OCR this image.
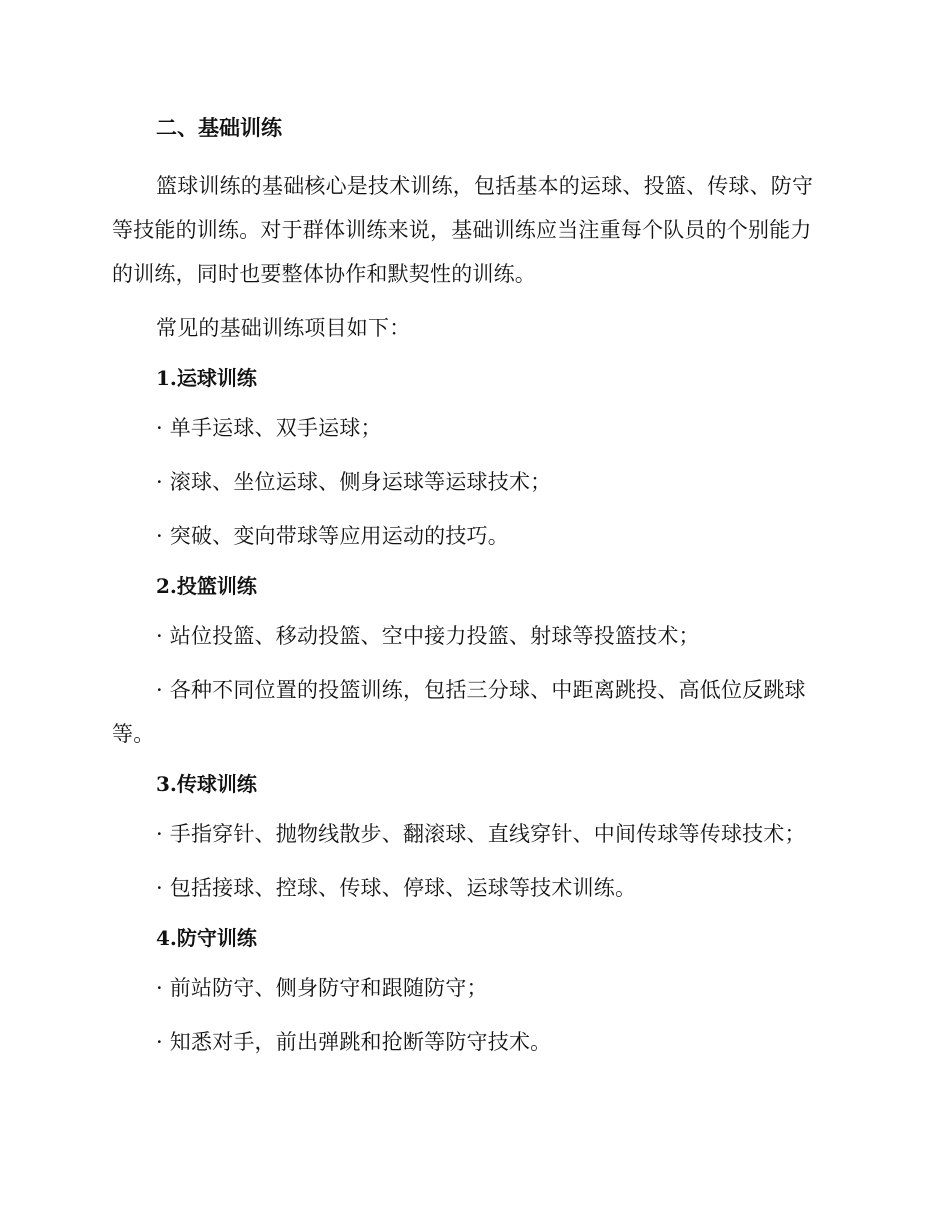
二、基础训练

篮球训练的基础核心是技术训练，包括基本的运球、投篮、传球、防守等技能的训练。对于群体训练来说，基础训练应当注重每个队员的个别能力的训练，同时也要整体协作和默契性的训练。

常见的基础训练项目如下：

1.运球训练

· 单手运球、双手运球；

· 滚球、坐位运球、侧身运球等运球技术；

· 突破、变向带球等应用运动的技巧。

2.投篮训练

· 站位投篮、移动投篮、空中接力投篮、射球等投篮技术；

· 各种不同位置的投篮训练，包括三分球、中距离跳投、高低位反跳球等。

3.传球训练

· 手指穿针、抛物线散步、翻滚球、直线穿针、中间传球等传球技术；

· 包括接球、控球、传球、停球、运球等技术训练。

4.防守训练

· 前站防守、侧身防守和跟随防守；

· 知悉对手，前出弹跳和抢断等防守技术。
